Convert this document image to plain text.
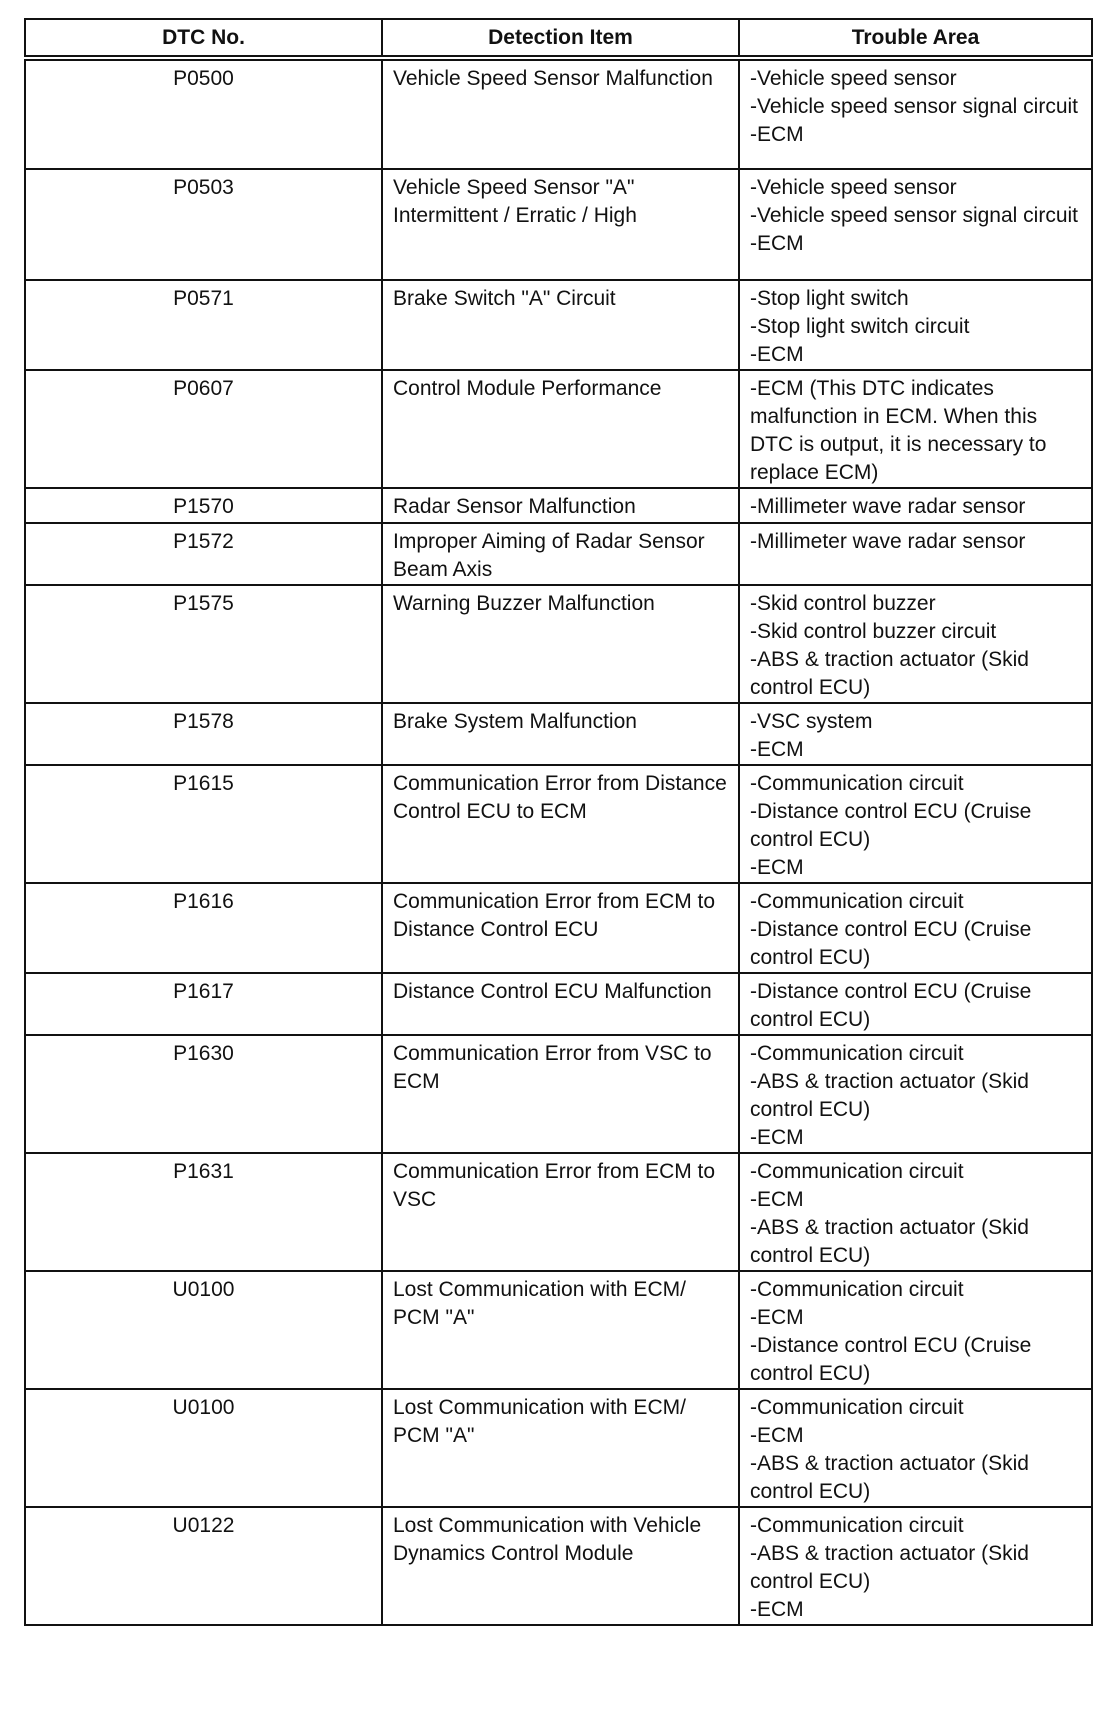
DTC No.	Detection Item	Trouble Area
P0500	Vehicle Speed Sensor Malfunction	-Vehicle speed sensor
-Vehicle speed sensor signal circuit
-ECM

P0503	Vehicle Speed Sensor "A" Intermittent / Erratic / High	-Vehicle speed sensor
-Vehicle speed sensor signal circuit
-ECM

P0571	Brake Switch "A" Circuit	-Stop light switch
-Stop light switch circuit
-ECM

P0607	Control Module Performance	-ECM (This DTC indicates malfunction in ECM. When this DTC is output, it is necessary to replace ECM)

P1570	Radar Sensor Malfunction	-Millimeter wave radar sensor

P1572	Improper Aiming of Radar Sensor Beam Axis	-Millimeter wave radar sensor

P1575	Warning Buzzer Malfunction	-Skid control buzzer
-Skid control buzzer circuit
-ABS & traction actuator (Skid control ECU)

P1578	Brake System Malfunction	-VSC system
-ECM

P1615	Communication Error from Distance Control ECU to ECM	-Communication circuit
-Distance control ECU (Cruise control ECU)
-ECM

P1616	Communication Error from ECM to Distance Control ECU	-Communication circuit
-Distance control ECU (Cruise control ECU)

P1617	Distance Control ECU Malfunction	-Distance control ECU (Cruise control ECU)

P1630	Communication Error from VSC to ECM	-Communication circuit
-ABS & traction actuator (Skid control ECU)
-ECM

P1631	Communication Error from ECM to VSC	-Communication circuit
-ECM
-ABS & traction actuator (Skid control ECU)

U0100	Lost Communication with ECM/ PCM "A"	-Communication circuit
-ECM
-Distance control ECU (Cruise control ECU)

U0100	Lost Communication with ECM/ PCM "A"	-Communication circuit
-ECM
-ABS & traction actuator (Skid control ECU)

U0122	Lost Communication with Vehicle Dynamics Control Module	-Communication circuit
-ABS & traction actuator (Skid control ECU)
-ECM
